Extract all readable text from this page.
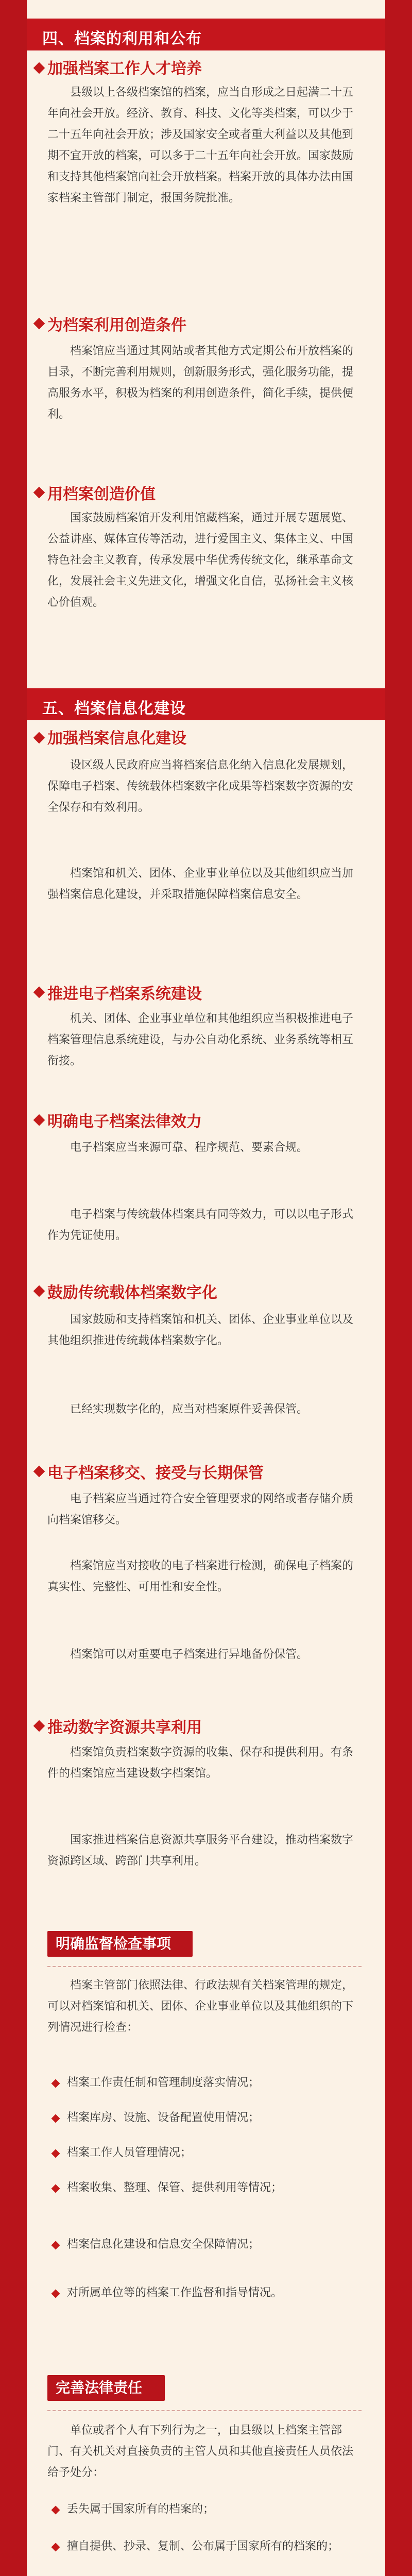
四、档案的利用和公布
加强档案工作人才培养
县级以上各级档案馆的档案，应当自形成之日起满二十五年向社会开放。经济、教育、科技、文化等类档案，可以少于二十五年向社会开放；涉及国家安全或者重大利益以及其他到期不宜开放的档案，可以多于二十五年向社会开放。国家鼓励和支持其他档案馆向社会开放档案。档案开放的具体办法由国家档案主管部门制定，报国务院批准。
为档案利用创造条件
档案馆应当通过其网站或者其他方式定期公布开放档案的目录，不断完善利用规则，创新服务形式，强化服务功能，提高服务水平，积极为档案的利用创造条件，简化手续，提供便利。
用档案创造价值
国家鼓励档案馆开发利用馆藏档案，通过开展专题展览、公益讲座、媒体宣传等活动，进行爱国主义、集体主义、中国特色社会主义教育，传承发展中华优秀传统文化，继承革命文化，发展社会主义先进文化，增强文化自信，弘扬社会主义核心价值观。
五、档案信息化建设
加强档案信息化建设
设区级人民政府应当将档案信息化纳入信息化发展规划，保障电子档案、传统载体档案数字化成果等档案数字资源的安全保存和有效利用。
档案馆和机关、团体、企业事业单位以及其他组织应当加强档案信息化建设，并采取措施保障档案信息安全。
推进电子档案系统建设
机关、团体、企业事业单位和其他组织应当积极推进电子档案管理信息系统建设，与办公自动化系统、业务系统等相互衔接。
明确电子档案法律效力
电子档案应当来源可靠、程序规范、要素合规。
电子档案与传统载体档案具有同等效力，可以以电子形式作为凭证使用。
鼓励传统载体档案数字化
国家鼓励和支持档案馆和机关、团体、企业事业单位以及其他组织推进传统载体档案数字化。
已经实现数字化的，应当对档案原件妥善保管。
电子档案移交、接受与长期保管
电子档案应当通过符合安全管理要求的网络或者存储介质向档案馆移交。
档案馆应当对接收的电子档案进行检测，确保电子档案的真实性、完整性、可用性和安全性。
档案馆可以对重要电子档案进行异地备份保管。
推动数字资源共享利用
档案馆负责档案数字资源的收集、保存和提供利用。有条件的档案馆应当建设数字档案馆。
国家推进档案信息资源共享服务平台建设，推动档案数字资源跨区域、跨部门共享利用。
明确监督检查事项
档案主管部门依照法律、行政法规有关档案管理的规定，可以对档案馆和机关、团体、企业事业单位以及其他组织的下列情况进行检查：
档案工作责任制和管理制度落实情况；
档案库房、设施、设备配置使用情况；
档案工作人员管理情况；
档案收集、整理、保管、提供利用等情况；
档案信息化建设和信息安全保障情况；
对所属单位等的档案工作监督和指导情况。
完善法律责任
单位或者个人有下列行为之一，由县级以上档案主管部门、有关机关对直接负责的主管人员和其他直接责任人员依法给予处分：
丢失属于国家所有的档案的；
擅自提供、抄录、复制、公布属于国家所有的档案的；
